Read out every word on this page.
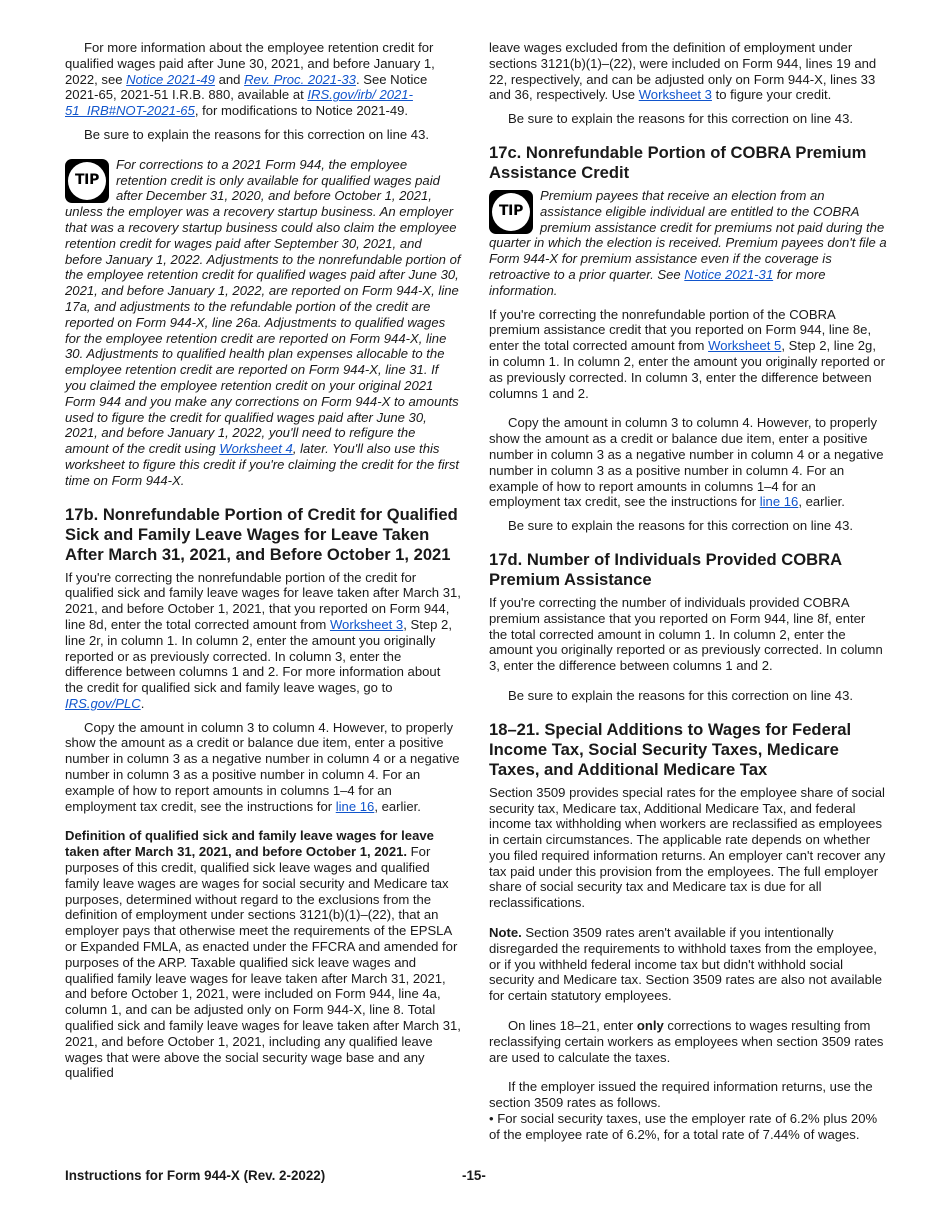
For more information about the employee retention credit for qualified wages paid after June 30, 2021, and before January 1, 2022, see Notice 2021-49 and Rev. Proc. 2021-33. See Notice 2021-65, 2021-51 I.R.B. 880, available at IRS.gov/irb/ 2021-51_IRB#NOT-2021-65, for modifications to Notice 2021-49.

Be sure to explain the reasons for this correction on line 43.

TIP
For corrections to a 2021 Form 944, the employee retention credit is only available for qualified wages paid after December 31, 2020, and before October 1, 2021, unless the employer was a recovery startup business. An employer that was a recovery startup business could also claim the employee retention credit for wages paid after September 30, 2021, and before January 1, 2022. Adjustments to the nonrefundable portion of the employee retention credit for qualified wages paid after June 30, 2021, and before January 1, 2022, are reported on Form 944-X, line 17a, and adjustments to the refundable portion of the credit are reported on Form 944-X, line 26a. Adjustments to qualified wages for the employee retention credit are reported on Form 944-X, line 30. Adjustments to qualified health plan expenses allocable to the employee retention credit are reported on Form 944-X, line 31. If you claimed the employee retention credit on your original 2021 Form 944 and you make any corrections on Form 944-X to amounts used to figure the credit for qualified wages paid after June 30, 2021, and before January 1, 2022, you'll need to refigure the amount of the credit using Worksheet 4, later. You'll also use this worksheet to figure this credit if you're claiming the credit for the first time on Form 944-X.
17b. Nonrefundable Portion of Credit for Qualified Sick and Family Leave Wages for Leave Taken After March 31, 2021, and Before October 1, 2021

If you're correcting the nonrefundable portion of the credit for qualified sick and family leave wages for leave taken after March 31, 2021, and before October 1, 2021, that you reported on Form 944, line 8d, enter the total corrected amount from Worksheet 3, Step 2, line 2r, in column 1. In column 2, enter the amount you originally reported or as previously corrected. In column 3, enter the difference between columns 1 and 2. For more information about the credit for qualified sick and family leave wages, go to IRS.gov/PLC.

Copy the amount in column 3 to column 4. However, to properly show the amount as a credit or balance due item, enter a positive number in column 3 as a negative number in column 4 or a negative number in column 3 as a positive number in column 4. For an example of how to report amounts in columns 1–4 for an employment tax credit, see the instructions for line 16, earlier.

Definition of qualified sick and family leave wages for leave taken after March 31, 2021, and before October 1, 2021. For purposes of this credit, qualified sick leave wages and qualified family leave wages are wages for social security and Medicare tax purposes, determined without regard to the exclusions from the definition of employment under sections 3121(b)(1)–(22), that an employer pays that otherwise meet the requirements of the EPSLA or Expanded FMLA, as enacted under the FFCRA and amended for purposes of the ARP. Taxable qualified sick leave wages and qualified family leave wages for leave taken after March 31, 2021, and before October 1, 2021, were included on Form 944, line 4a, column 1, and can be adjusted only on Form 944-X, line 8. Total qualified sick and family leave wages for leave taken after March 31, 2021, and before October 1, 2021, including any qualified leave wages that were above the social security wage base and any qualified

leave wages excluded from the definition of employment under sections 3121(b)(1)–(22), were included on Form 944, lines 19 and 22, respectively, and can be adjusted only on Form 944-X, lines 33 and 36, respectively. Use Worksheet 3 to figure your credit.

Be sure to explain the reasons for this correction on line 43.

17c. Nonrefundable Portion of COBRA Premium Assistance Credit
TIP
Premium payees that receive an election from an assistance eligible individual are entitled to the COBRA premium assistance credit for premiums not paid during the quarter in which the election is received. Premium payees don't file a Form 944-X for premium assistance even if the coverage is retroactive to a prior quarter. See Notice 2021-31 for more information.

If you're correcting the nonrefundable portion of the COBRA premium assistance credit that you reported on Form 944, line 8e, enter the total corrected amount from Worksheet 5, Step 2, line 2g, in column 1. In column 2, enter the amount you originally reported or as previously corrected. In column 3, enter the difference between columns 1 and 2.

Copy the amount in column 3 to column 4. However, to properly show the amount as a credit or balance due item, enter a positive number in column 3 as a negative number in column 4 or a negative number in column 3 as a positive number in column 4. For an example of how to report amounts in columns 1–4 for an employment tax credit, see the instructions for line 16, earlier.

Be sure to explain the reasons for this correction on line 43.

17d. Number of Individuals Provided COBRA Premium Assistance

If you're correcting the number of individuals provided COBRA premium assistance that you reported on Form 944, line 8f, enter the total corrected amount in column 1. In column 2, enter the amount you originally reported or as previously corrected. In column 3, enter the difference between columns 1 and 2.

Be sure to explain the reasons for this correction on line 43.

18–21. Special Additions to Wages for Federal Income Tax, Social Security Taxes, Medicare Taxes, and Additional Medicare Tax

Section 3509 provides special rates for the employee share of social security tax, Medicare tax, Additional Medicare Tax, and federal income tax withholding when workers are reclassified as employees in certain circumstances. The applicable rate depends on whether you filed required information returns. An employer can't recover any tax paid under this provision from the employees. The full employer share of social security tax and Medicare tax is due for all reclassifications.

Note. Section 3509 rates aren't available if you intentionally disregarded the requirements to withhold taxes from the employee, or if you withheld federal income tax but didn't withhold social security and Medicare tax. Section 3509 rates are also not available for certain statutory employees.

On lines 18–21, enter only corrections to wages resulting from reclassifying certain workers as employees when section 3509 rates are used to calculate the taxes.

If the employer issued the required information returns, use the section 3509 rates as follows.

• For social security taxes, use the employer rate of 6.2% plus 20% of the employee rate of 6.2%, for a total rate of 7.44% of wages.

Instructions for Form 944-X (Rev. 2-2022)	-15-
